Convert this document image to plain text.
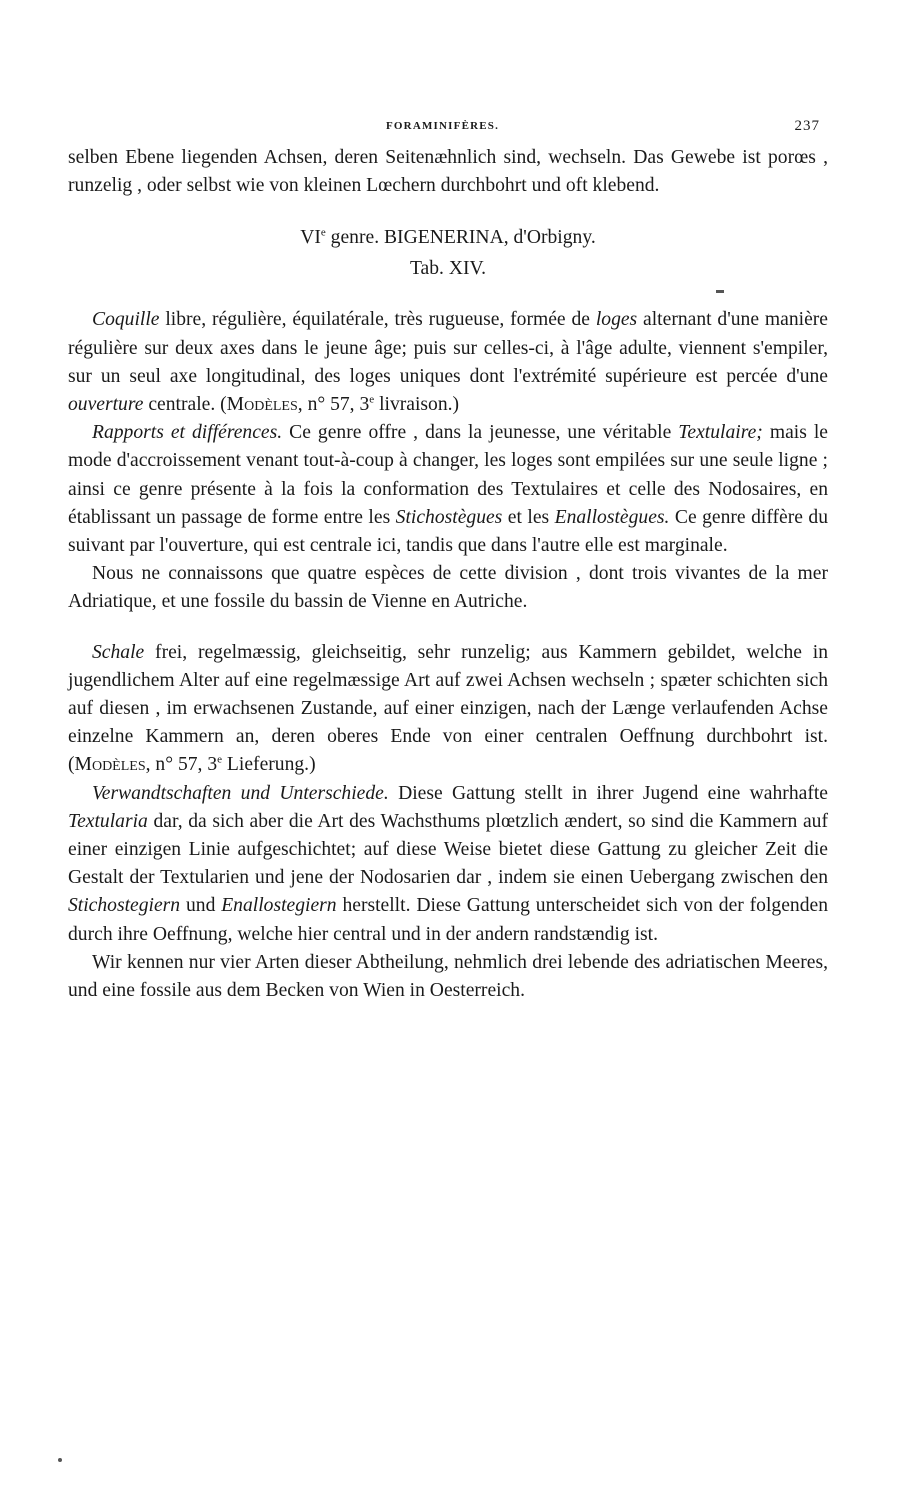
FORAMINIFÈRES.	237

selben Ebene liegenden Achsen, deren Seitenæhnlich sind, wechseln. Das Gewebe ist porœs , runzelig , oder selbst wie von kleinen Lœchern durchbohrt und oft klebend.

VIe genre. BIGENERINA, d'Orbigny.
Tab. XIV.

Coquille libre, régulière, équilatérale, très rugueuse, formée de loges alternant d'une manière régulière sur deux axes dans le jeune âge; puis sur celles-ci, à l'âge adulte, viennent s'empiler, sur un seul axe longitudinal, des loges uniques dont l'extrémité supérieure est percée d'une ouverture centrale. (Modèles, n° 57, 3e livraison.)

Rapports et différences. Ce genre offre , dans la jeunesse, une véritable Textulaire; mais le mode d'accroissement venant tout-à-coup à changer, les loges sont empilées sur une seule ligne ; ainsi ce genre présente à la fois la conformation des Textulaires et celle des Nodosaires, en établissant un passage de forme entre les Stichostègues et les Enallostègues. Ce genre diffère du suivant par l'ouverture, qui est centrale ici, tandis que dans l'autre elle est marginale.

Nous ne connaissons que quatre espèces de cette division , dont trois vivantes de la mer Adriatique, et une fossile du bassin de Vienne en Autriche.

Schale frei, regelmæssig, gleichseitig, sehr runzelig; aus Kammern gebildet, welche in jugendlichem Alter auf eine regelmæssige Art auf zwei Achsen wechseln ; spæter schichten sich auf diesen , im erwachsenen Zustande, auf einer einzigen, nach der Længe verlaufenden Achse einzelne Kammern an, deren oberes Ende von einer centralen Oeffnung durchbohrt ist. (Modèles, n° 57, 3e Lieferung.)

Verwandtschaften und Unterschiede. Diese Gattung stellt in ihrer Jugend eine wahrhafte Textularia dar, da sich aber die Art des Wachsthums plœtzlich ændert, so sind die Kammern auf einer einzigen Linie aufgeschichtet; auf diese Weise bietet diese Gattung zu gleicher Zeit die Gestalt der Textularien und jene der Nodosarien dar , indem sie einen Uebergang zwischen den Stichostegiern und Enallostegiern herstellt. Diese Gattung unterscheidet sich von der folgenden durch ihre Oeffnung, welche hier central und in der andern randstændig ist.

Wir kennen nur vier Arten dieser Abtheilung, nehmlich drei lebende des adriatischen Meeres, und eine fossile aus dem Becken von Wien in Oesterreich.
